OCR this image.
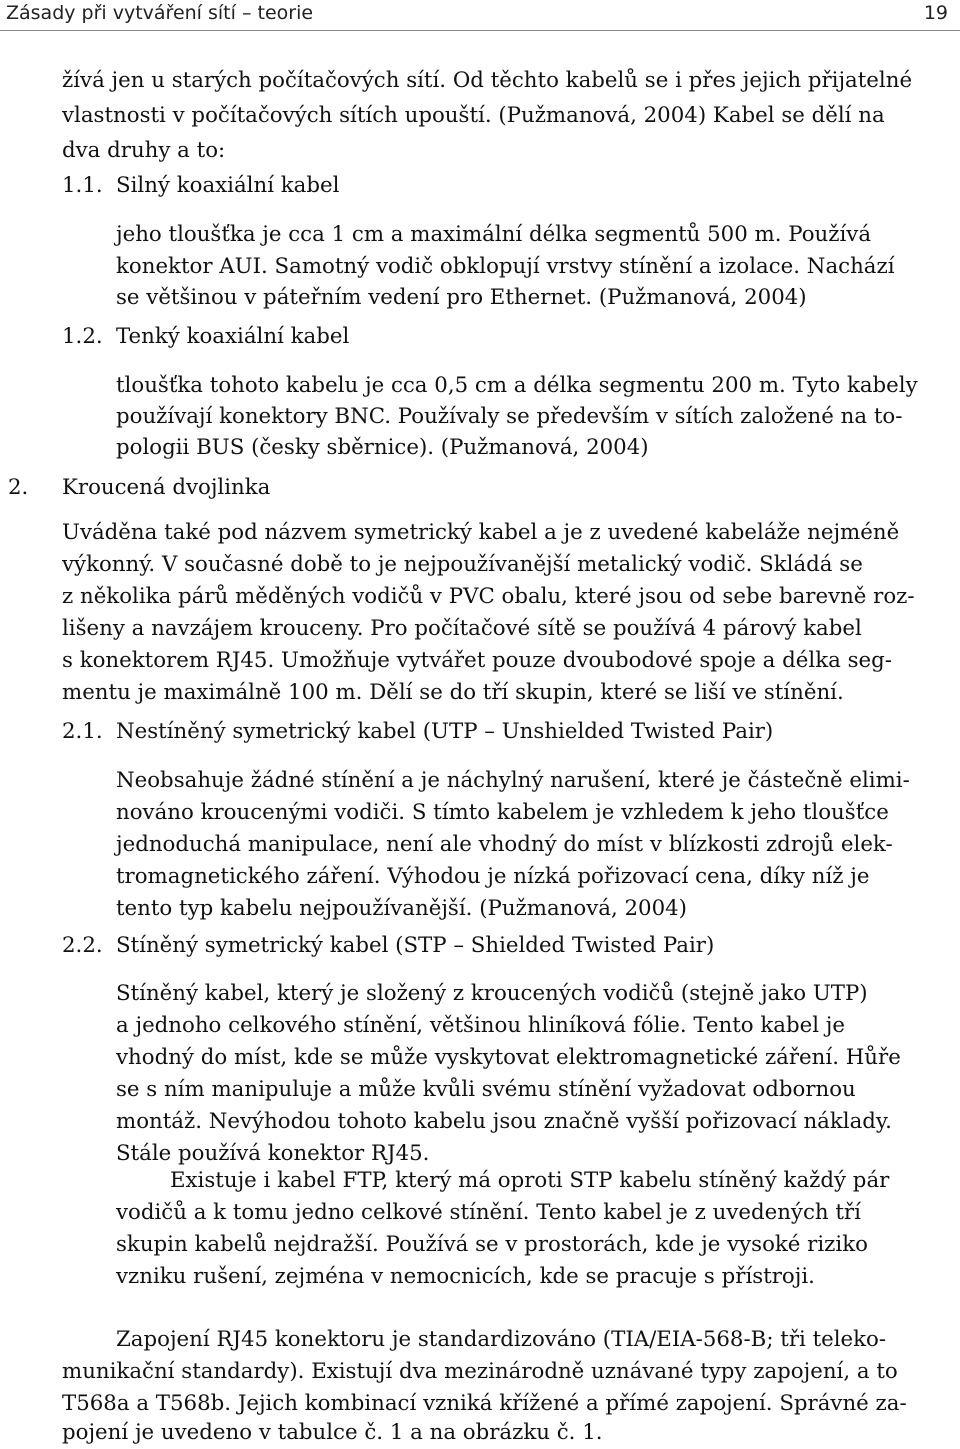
Zásady při vytváření sítí – teorie	19
žívá jen u starých počítačových sítí. Od těchto kabelů se i přes jejich přijatelné
vlastnosti v počítačových sítích upouští. (Pužmanová, 2004) Kabel se dělí na
dva druhy a to:
1.1. Silný koaxiální kabel
jeho tloušťka je cca 1 cm a maximální délka segmentů 500 m. Používá
konektor AUI. Samotný vodič obklopují vrstvy stínění a izolace. Nachází
se většinou v páteřním vedení pro Ethernet. (Pužmanová, 2004)
1.2. Tenký koaxiální kabel
tloušťka tohoto kabelu je cca 0,5 cm a délka segmentu 200 m. Tyto kabely
používají konektory BNC. Používaly se především v sítích založené na to-
pologii BUS (česky sběrnice). (Pužmanová, 2004)
2. Kroucená dvojlinka
Uváděna také pod názvem symetrický kabel a je z uvedené kabeláže nejméně
výkonný. V současné době to je nejpoužívanější metalický vodič. Skládá se
z několika párů měděných vodičů v PVC obalu, které jsou od sebe barevně roz-
lišeny a navzájem krouceny. Pro počítačové sítě se používá 4 párový kabel
s konektorem RJ45. Umožňuje vytvářet pouze dvoubodové spoje a délka seg-
mentu je maximálně 100 m. Dělí se do tří skupin, které se liší ve stínění.
2.1. Nestíněný symetrický kabel (UTP – Unshielded Twisted Pair)
Neobsahuje žádné stínění a je náchylný narušení, které je částečně elimi-
nováno kroucenými vodiči. S tímto kabelem je vzhledem k jeho tloušťce
jednoduchá manipulace, není ale vhodný do míst v blízkosti zdrojů elek-
tromagnetického záření. Výhodou je nízká pořizovací cena, díky níž je
tento typ kabelu nejpoužívanější. (Pužmanová, 2004)
2.2. Stíněný symetrický kabel (STP – Shielded Twisted Pair)
Stíněný kabel, který je složený z kroucených vodičů (stejně jako UTP)
a jednoho celkového stínění, většinou hliníková fólie. Tento kabel je
vhodný do míst, kde se může vyskytovat elektromagnetické záření. Hůře
se s ním manipuluje a může kvůli svému stínění vyžadovat odbornou
montáž. Nevýhodou tohoto kabelu jsou značně vyšší pořizovací náklady.
Stále používá konektor RJ45.
Existuje i kabel FTP, který má oproti STP kabelu stíněný každý pár
vodičů a k tomu jedno celkové stínění. Tento kabel je z uvedených tří
skupin kabelů nejdražší. Používá se v prostorách, kde je vysoké riziko
vzniku rušení, zejména v nemocnicích, kde se pracuje s přístroji.
Zapojení RJ45 konektoru je standardizováno (TIA/EIA-568-B; tři teleko-
munikační standardy). Existují dva mezinárodně uznávané typy zapojení, a to
T568a a T568b. Jejich kombinací vzniká křížené a přímé zapojení. Správné za-
pojení je uvedeno v tabulce č. 1 a na obrázku č. 1.
